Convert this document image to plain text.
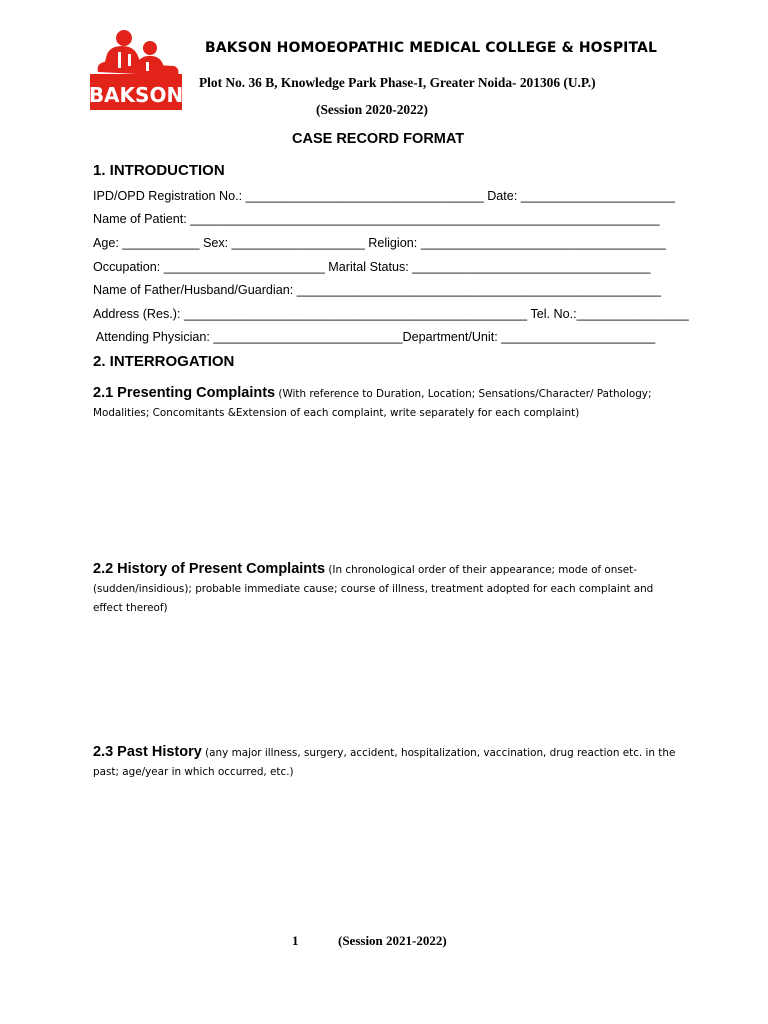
BAKSON
BAKSON HOMOEOPATHIC MEDICAL COLLEGE & HOSPITAL
Plot No. 36 B, Knowledge Park Phase-I, Greater Noida- 201306 (U.P.)
(Session 2020-2022)
CASE RECORD FORMAT
1. INTRODUCTION
IPD/OPD Registration No.: __________________________________ Date: ______________________
Name of Patient: ___________________________________________________________________
Age: ___________ Sex: ___________________ Religion: ___________________________________
Occupation: _______________________ Marital Status: __________________________________
Name of Father/Husband/Guardian: ____________________________________________________
Address (Res.): _________________________________________________ Tel. No.:________________
Attending Physician: ___________________________Department/Unit: ______________________
2. INTERROGATION
2.1 Presenting Complaints (With reference to Duration, Location; Sensations/Character/ Pathology; Modalities; Concomitants &Extension of each complaint, write separately for each complaint)
2.2 History of Present Complaints (In chronological order of their appearance; mode of onset- (sudden/insidious); probable immediate cause; course of illness, treatment adopted for each complaint and effect thereof)
2.3 Past History (any major illness, surgery, accident, hospitalization, vaccination, drug reaction etc. in the past; age/year in which occurred, etc.)
1	(Session 2021-2022)
